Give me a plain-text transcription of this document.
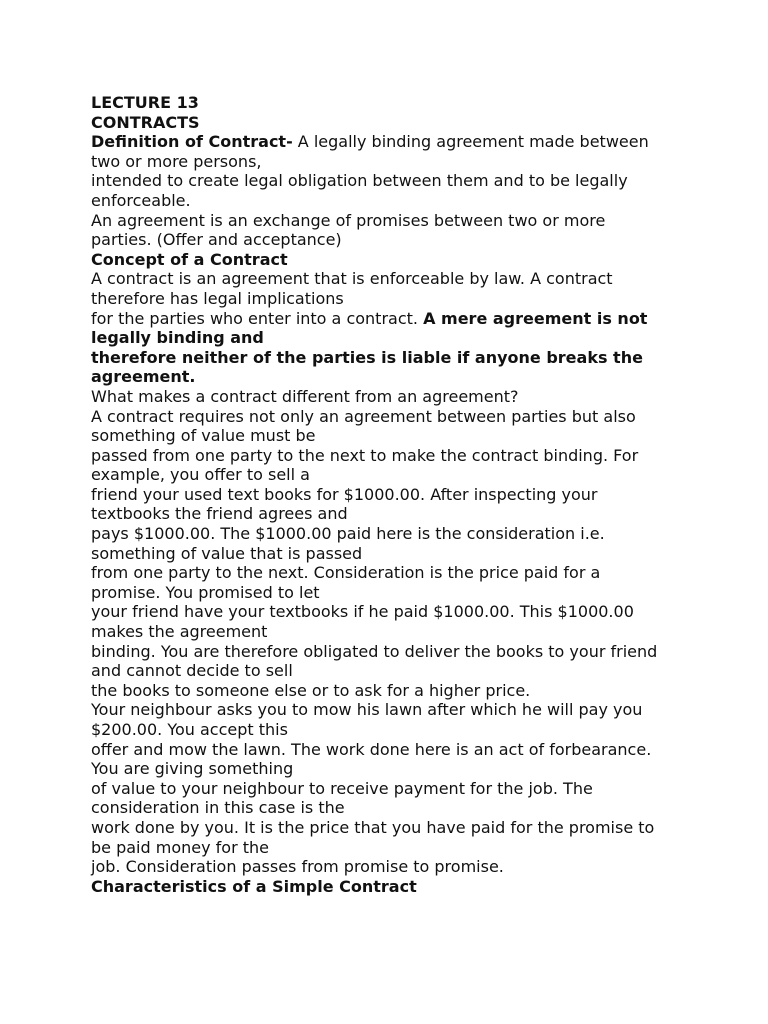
LECTURE 13
CONTRACTS
Definition of Contract- A legally binding agreement made between
two or more persons,
intended to create legal obligation between them and to be legally
enforceable.
An agreement is an exchange of promises between two or more
parties. (Offer and acceptance)
Concept of a Contract
A contract is an agreement that is enforceable by law. A contract
therefore has legal implications
for the parties who enter into a contract. A mere agreement is not
legally binding and
therefore neither of the parties is liable if anyone breaks the
agreement.
What makes a contract different from an agreement?
A contract requires not only an agreement between parties but also
something of value must be
passed from one party to the next to make the contract binding. For
example, you offer to sell a
friend your used text books for $1000.00. After inspecting your
textbooks the friend agrees and
pays $1000.00. The $1000.00 paid here is the consideration i.e.
something of value that is passed
from one party to the next. Consideration is the price paid for a
promise. You promised to let
your friend have your textbooks if he paid $1000.00. This $1000.00
makes the agreement
binding. You are therefore obligated to deliver the books to your friend
and cannot decide to sell
the books to someone else or to ask for a higher price.
Your neighbour asks you to mow his lawn after which he will pay you
$200.00. You accept this
offer and mow the lawn. The work done here is an act of forbearance.
You are giving something
of value to your neighbour to receive payment for the job. The
consideration in this case is the
work done by you. It is the price that you have paid for the promise to
be paid money for the
job. Consideration passes from promise to promise.
Characteristics of a Simple Contract
